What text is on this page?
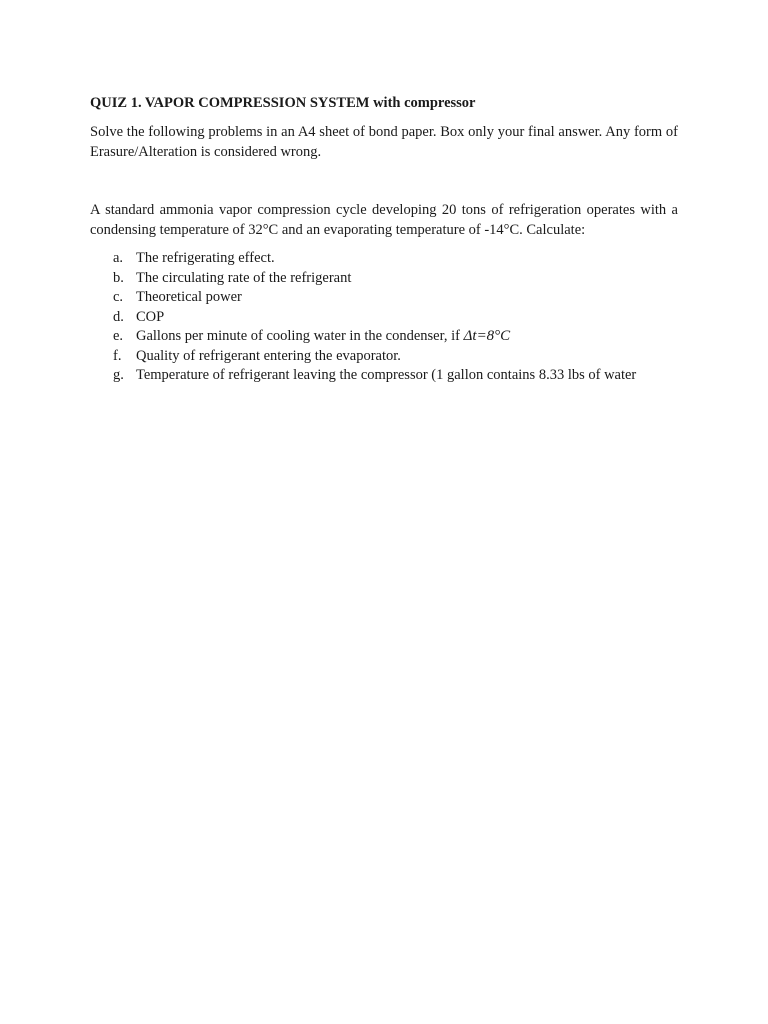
QUIZ 1. VAPOR COMPRESSION SYSTEM with compressor

Solve the following problems in an A4 sheet of bond paper. Box only your final answer. Any form of Erasure/Alteration is considered wrong.

A standard ammonia vapor compression cycle developing 20 tons of refrigeration operates with a condensing temperature of 32°C and an evaporating temperature of -14°C. Calculate:

a. The refrigerating effect.
b. The circulating rate of the refrigerant
c. Theoretical power
d. COP
e. Gallons per minute of cooling water in the condenser, if Δt=8°C
f.	Quality of refrigerant entering the evaporator.
g. Temperature of refrigerant leaving the compressor (1 gallon contains 8.33 lbs of water
